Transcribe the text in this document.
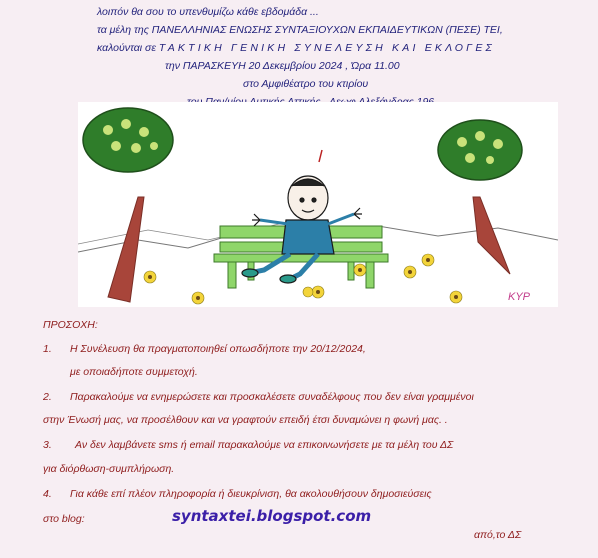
λοιπόν θα σου το υπενθυμίζω κάθε εβδομάδα ...
τα μέλη της ΠΑΝΕΛΛΗΝΙΑΣ ΕΝΩΣΗΣ ΣΥΝΤΑΞΙΟΥΧΩΝ ΕΚΠΑΙΔΕΥΤΙΚΩΝ (ΠΕΣΕ) ΤΕΙ,
καλούνται σε ΤΑΚΤΙΚΗ ΓΕΝΙΚΗ ΣΥΝΕΛΕΥΣΗ ΚΑΙ ΕΚΛΟΓΕΣ
την ΠΑΡΑΣΚΕΥΗ 20 Δεκεμβρίου 2024 , Ώρα 11.00
στο Αμφιθέατρο του κτιρίου
ΚΥΡ
ΠΡΟΣΟΧΗ:
1. Η Συνέλευση θα πραγματοποιηθεί οπωσδήποτε την 20/12/2024,
με οποιαδήποτε συμμετοχή.
2. Παρακαλούμε να ενημερώσετε και προσκαλέσετε συναδέλφους που δεν είναι γραμμένοι
στην Ένωσή μας, να προσέλθουν και να γραφτούν επειδή έτσι δυναμώνει η φωνή μας. .
3. Αν δεν λαμβάνετε sms ή email παρακαλούμε να επικοινωνήσετε με τα μέλη του ΔΣ
για διόρθωση-συμπλήρωση.
4. Για κάθε επί πλέον πληροφορία ή διευκρίνιση, θα ακολουθήσουν δημοσιεύσεις
στο blog:	syntaxtei.blogspot.com
από,το ΔΣ
